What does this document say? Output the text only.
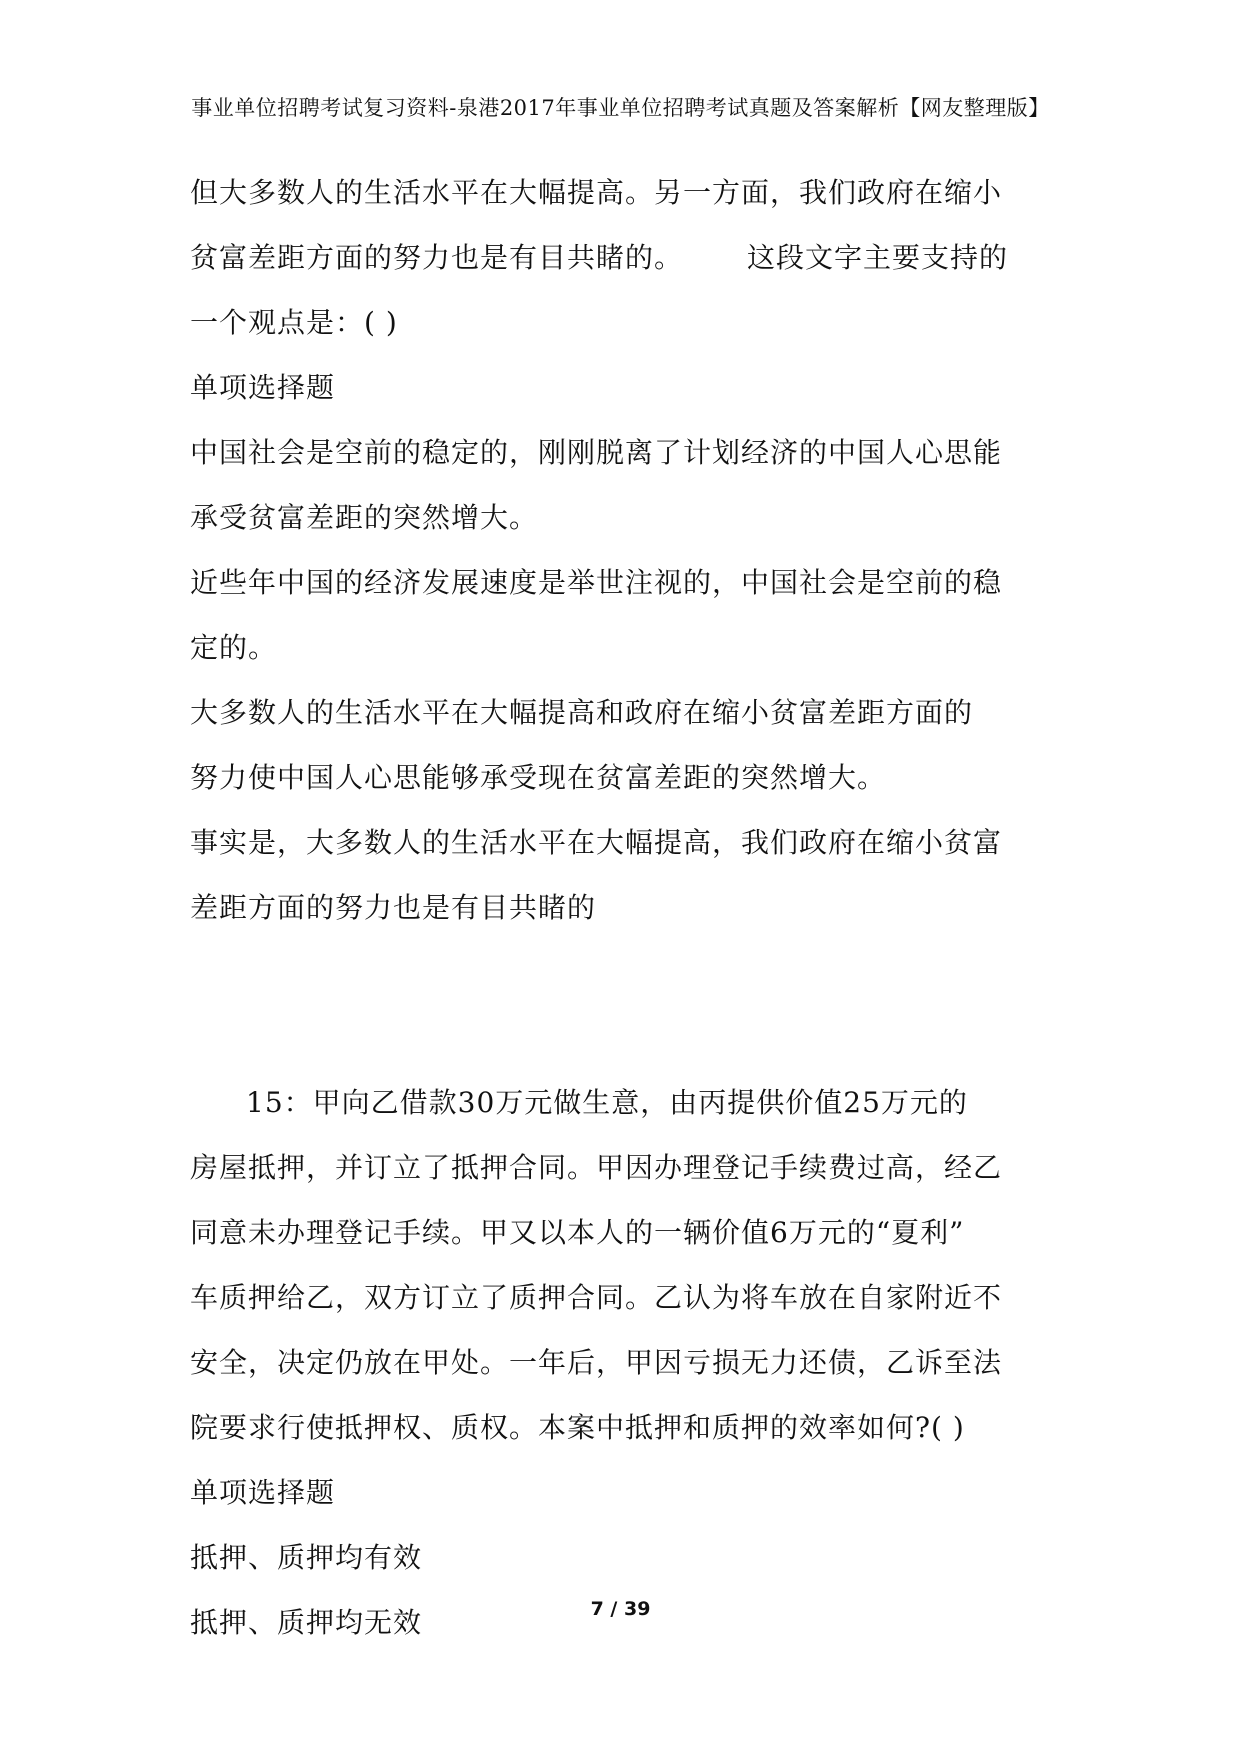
事业单位招聘考试复习资料-泉港2017年事业单位招聘考试真题及答案解析【网友整理版】
但大多数人的生活水平在大幅提高。另一方面，我们政府在缩小
贫富差距方面的努力也是有目共睹的。 这段文字主要支持的
一个观点是：( )
单项选择题
中国社会是空前的稳定的，刚刚脱离了计划经济的中国人心思能
承受贫富差距的突然增大。
近些年中国的经济发展速度是举世注视的，中国社会是空前的稳
定的。
大多数人的生活水平在大幅提高和政府在缩小贫富差距方面的
努力使中国人心思能够承受现在贫富差距的突然增大。
事实是，大多数人的生活水平在大幅提高，我们政府在缩小贫富
差距方面的努力也是有目共睹的
15：甲向乙借款30万元做生意，由丙提供价值25万元的
房屋抵押，并订立了抵押合同。甲因办理登记手续费过高，经乙
同意未办理登记手续。甲又以本人的一辆价值6万元的“夏利”
车质押给乙，双方订立了质押合同。乙认为将车放在自家附近不
安全，决定仍放在甲处。一年后，甲因亏损无力还债，乙诉至法
院要求行使抵押权、质权。本案中抵押和质押的效率如何?( )
单项选择题
抵押、质押均有效
抵押、质押均无效	7 / 39
